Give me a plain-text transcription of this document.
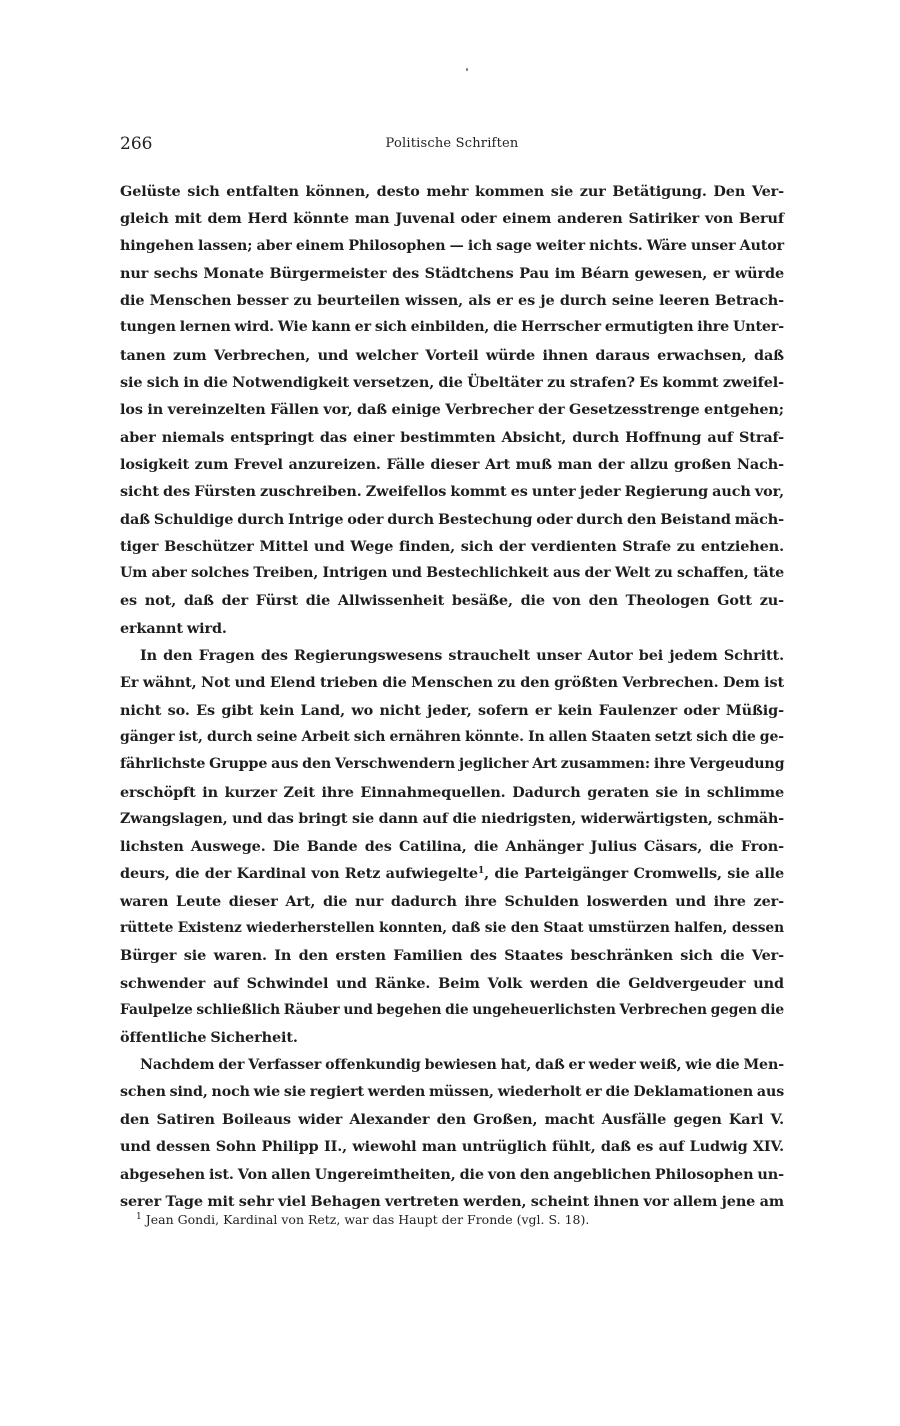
266	Politische Schriften
Gelüste sich entfalten können, desto mehr kommen sie zur Betätigung. Den Ver-
gleich mit dem Herd könnte man Juvenal oder einem anderen Satiriker von Beruf
hingehen lassen; aber einem Philosophen — ich sage weiter nichts. Wäre unser Autor
nur sechs Monate Bürgermeister des Städtchens Pau im Béarn gewesen, er würde
die Menschen besser zu beurteilen wissen, als er es je durch seine leeren Betrach-
tungen lernen wird. Wie kann er sich einbilden, die Herrscher ermutigten ihre Unter-
tanen zum Verbrechen, und welcher Vorteil würde ihnen daraus erwachsen, daß
sie sich in die Notwendigkeit versetzen, die Übeltäter zu strafen? Es kommt zweifel-
los in vereinzelten Fällen vor, daß einige Verbrecher der Gesetzesstrenge entgehen;
aber niemals entspringt das einer bestimmten Absicht, durch Hoffnung auf Straf-
losigkeit zum Frevel anzureizen. Fälle dieser Art muß man der allzu großen Nach-
sicht des Fürsten zuschreiben. Zweifellos kommt es unter jeder Regierung auch vor,
daß Schuldige durch Intrige oder durch Bestechung oder durch den Beistand mäch-
tiger Beschützer Mittel und Wege finden, sich der verdienten Strafe zu entziehen.
Um aber solches Treiben, Intrigen und Bestechlichkeit aus der Welt zu schaffen, täte
es not, daß der Fürst die Allwissenheit besäße, die von den Theologen Gott zu-
erkannt wird.
In den Fragen des Regierungswesens strauchelt unser Autor bei jedem Schritt.
Er wähnt, Not und Elend trieben die Menschen zu den größten Verbrechen. Dem ist
nicht so. Es gibt kein Land, wo nicht jeder, sofern er kein Faulenzer oder Müßig-
gänger ist, durch seine Arbeit sich ernähren könnte. In allen Staaten setzt sich die ge-
fährlichste Gruppe aus den Verschwendern jeglicher Art zusammen: ihre Vergeudung
erschöpft in kurzer Zeit ihre Einnahmequellen. Dadurch geraten sie in schlimme
Zwangslagen, und das bringt sie dann auf die niedrigsten, widerwärtigsten, schmäh-
lichsten Auswege. Die Bande des Catilina, die Anhänger Julius Cäsars, die Fron-
deurs, die der Kardinal von Retz aufwiegelte$^1$, die Parteigänger Cromwells, sie alle
waren Leute dieser Art, die nur dadurch ihre Schulden loswerden und ihre zer-
rüttete Existenz wiederherstellen konnten, daß sie den Staat umstürzen halfen, dessen
Bürger sie waren. In den ersten Familien des Staates beschränken sich die Ver-
schwender auf Schwindel und Ränke. Beim Volk werden die Geldvergeuder und
Faulpelze schließlich Räuber und begehen die ungeheuerlichsten Verbrechen gegen die
öffentliche Sicherheit.
Nachdem der Verfasser offenkundig bewiesen hat, daß er weder weiß, wie die Men-
schen sind, noch wie sie regiert werden müssen, wiederholt er die Deklamationen aus
den Satiren Boileaus wider Alexander den Großen, macht Ausfälle gegen Karl V.
und dessen Sohn Philipp II., wiewohl man untrüglich fühlt, daß es auf Ludwig XIV.
abgesehen ist. Von allen Ungereimtheiten, die von den angeblichen Philosophen un-
serer Tage mit sehr viel Behagen vertreten werden, scheint ihnen vor allem jene am
$^1$ Jean Gondi, Kardinal von Retz, war das Haupt der Fronde (vgl. S. 18).
